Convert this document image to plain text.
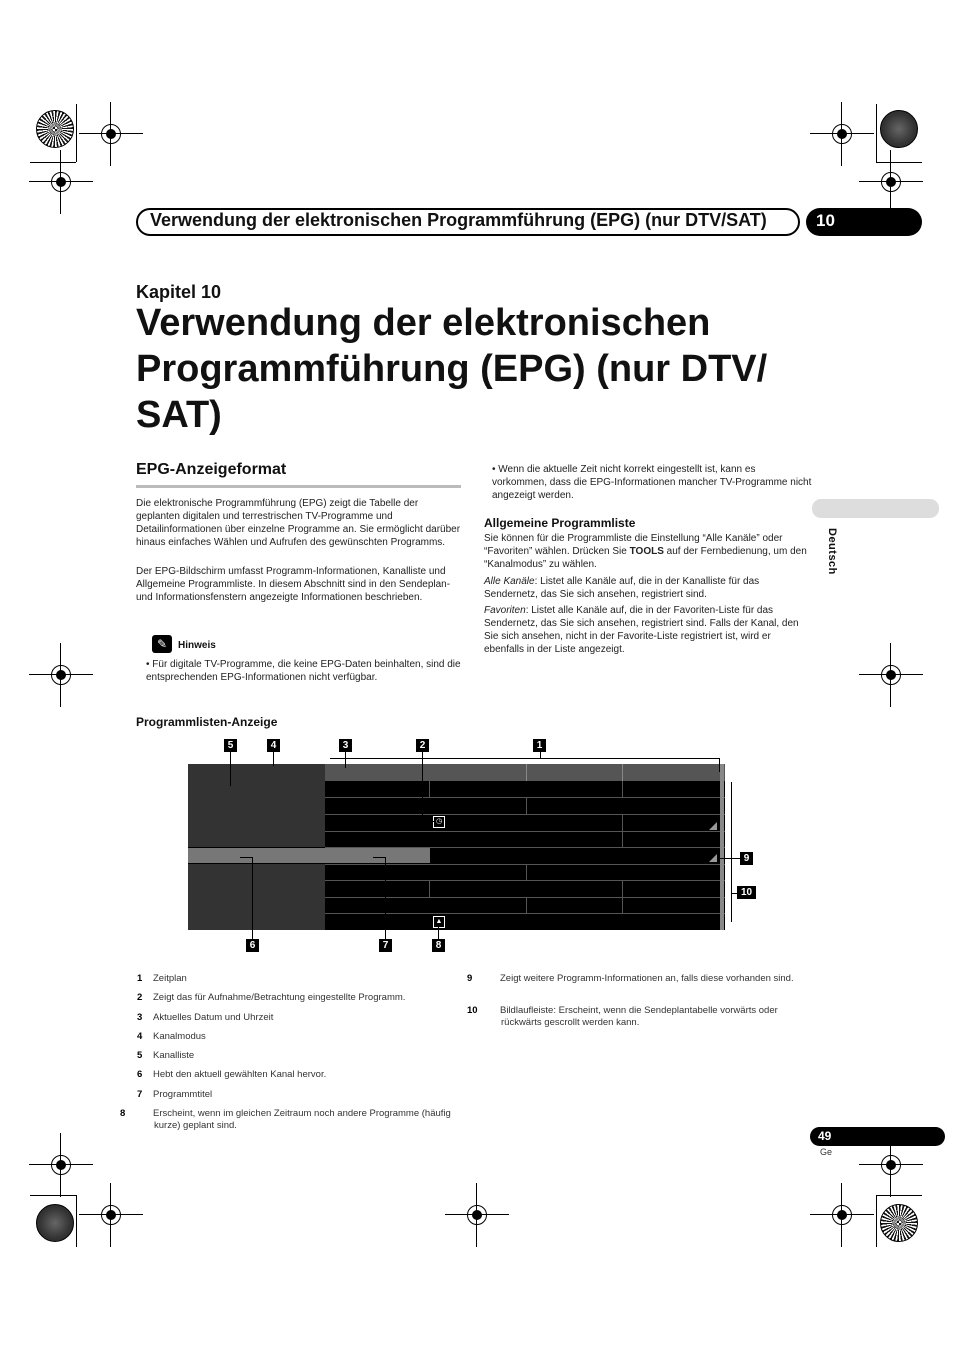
Verwendung der elektronischen Programmführung (EPG) (nur DTV/SAT)	10
Kapitel 10
Verwendung der elektronischen Programmführung (EPG) (nur DTV/ SAT)
EPG-Anzeigeformat
Die elektronische Programmführung (EPG) zeigt die Tabelle der geplanten digitalen und terrestrischen TV-Programme und Detailinformationen über einzelne Programme an. Sie ermöglicht darüber hinaus einfaches Wählen und Aufrufen des gewünschten Programms.
Der EPG-Bildschirm umfasst Programm-Informationen, Kanalliste und Allgemeine Programmliste. In diesem Abschnitt sind in den Sendeplan- und Informationsfenstern angezeigte Informationen beschrieben.
✎	Hinweis
• Für digitale TV-Programme, die keine EPG-Daten beinhalten, sind die entsprechenden EPG-Informationen nicht verfügbar.
• Wenn die aktuelle Zeit nicht korrekt eingestellt ist, kann es vorkommen, dass die EPG-Informationen mancher TV-Programme nicht angezeigt werden.
Allgemeine Programmliste
Sie können für die Programmliste die Einstellung “Alle Kanäle” oder “Favoriten” wählen. Drücken Sie TOOLS auf der Fernbedienung, um den “Kanalmodus” zu wählen.
Alle Kanäle: Listet alle Kanäle auf, die in der Kanalliste für das Sendernetz, das Sie sich ansehen, registriert sind.
Favoriten: Listet alle Kanäle auf, die in der Favoriten-Liste für das Sendernetz, das Sie sich ansehen, registriert sind. Falls der Kanal, den Sie sich ansehen, nicht in der Favorite-Liste registriert ist, wird er ebenfalls in der Liste angezeigt.
Deutsch
Programmlisten-Anzeige
◷
▲
5	4	3	2	1
9
10
6	7	8
1 Zeitplan
2 Zeigt das für Aufnahme/Betrachtung eingestellte Programm.
3 Aktuelles Datum und Uhrzeit
4 Kanalmodus
5 Kanalliste
6 Hebt den aktuell gewählten Kanal hervor.
7 Programmtitel
8	Erscheint, wenn im gleichen Zeitraum noch andere Programme (häufig kurze) geplant sind.
9	Zeigt weitere Programm-Informationen an, falls diese vorhanden sind.
10 Bildlaufleiste: Erscheint, wenn die Sendeplantabelle vorwärts oder rückwärts gescrollt werden kann.
49
Ge
